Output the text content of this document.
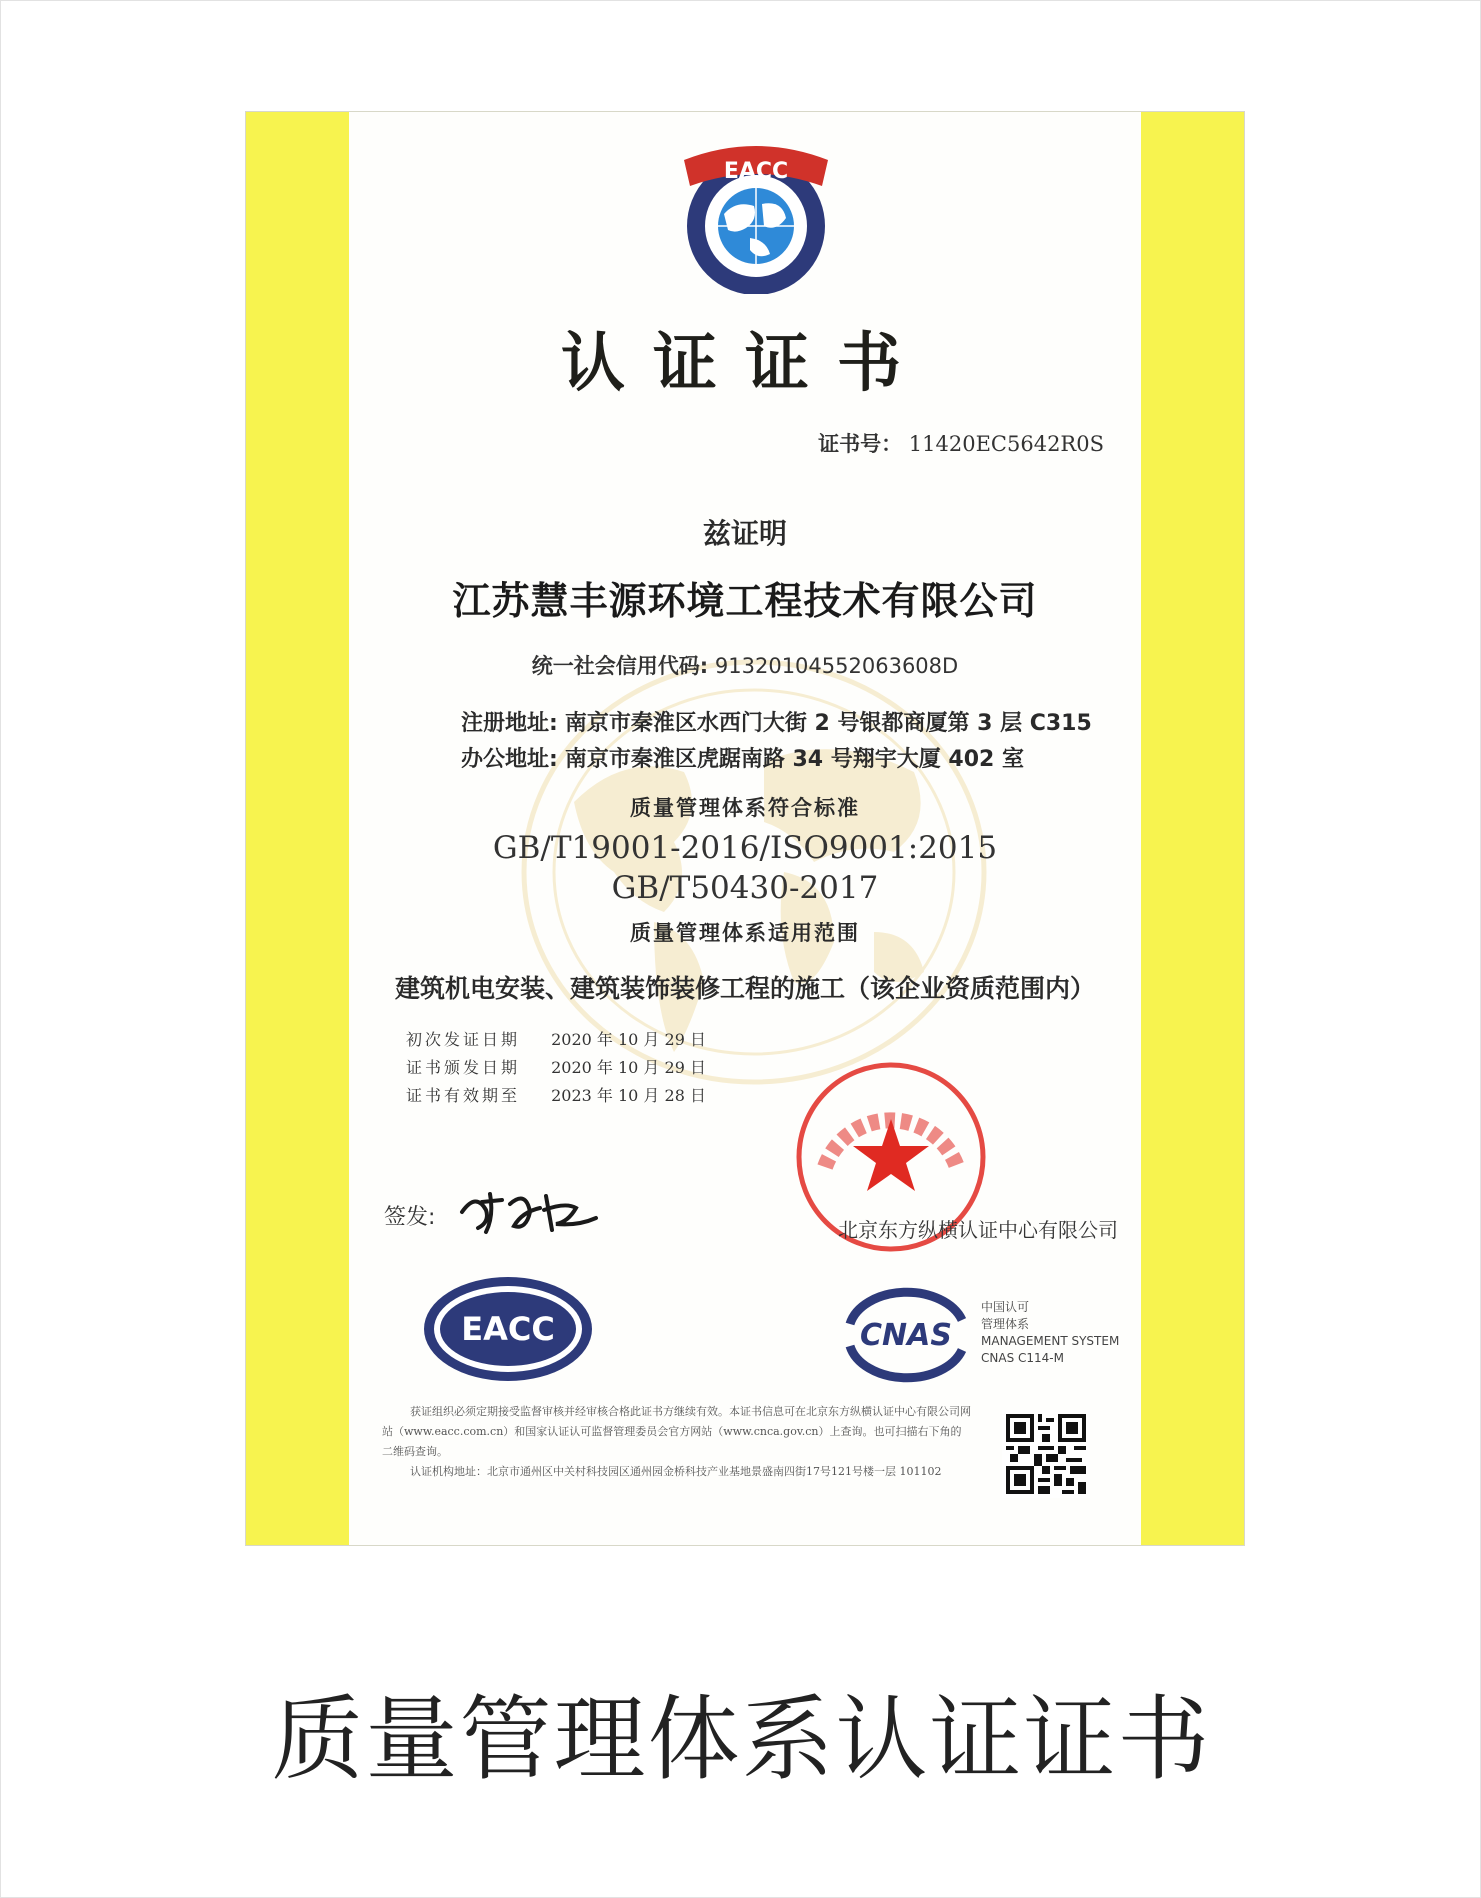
EACC
认证证书
证书号： 11420EC5642R0S
兹证明
江苏慧丰源环境工程技术有限公司
统一社会信用代码: 91320104552063608D
注册地址: 南京市秦淮区水西门大街 2 号银都商厦第 3 层 C315
办公地址: 南京市秦淮区虎踞南路 34 号翔宇大厦 402 室
质量管理体系符合标准
GB/T19001-2016/ISO9001:2015
GB/T50430-2017
质量管理体系适用范围
建筑机电安装、建筑装饰装修工程的施工（该企业资质范围内）
初次发证日期 2020 年 10 月 29 日
证书颁发日期 2020 年 10 月 29 日
证书有效期至 2023 年 10 月 28 日
签发:	北京东方纵横认证中心有限公司
EACC	CNAS
中国认可
管理体系
MANAGEMENT SYSTEM
CNAS C114-M

获证组织必须定期接受监督审核并经审核合格此证书方继续有效。本证书信息可在北京东方纵横认证中心有限公司网站（www.eacc.com.cn）和国家认证认可监督管理委员会官方网站（www.cnca.gov.cn）上查询。也可扫描右下角的二维码查询。

认证机构地址：北京市通州区中关村科技园区通州园金桥科技产业基地景盛南四街17号121号楼一层 101102

质量管理体系认证证书
